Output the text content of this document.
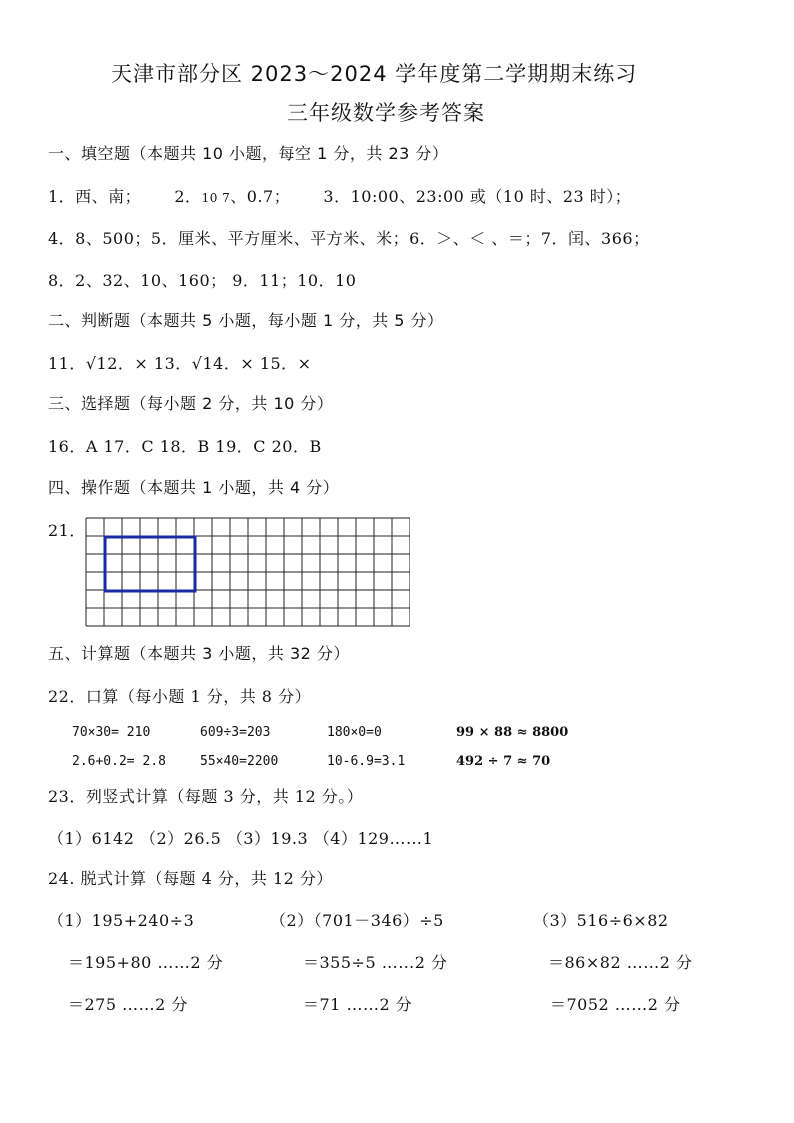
天津市部分区 2023～2024 学年度第二学期期末练习
三年级数学参考答案
一、填空题（本题共 10 小题，每空 1 分，共 23 分）
1．西、南； 2．10 7、0.7； 3．10:00、23:00 或（10 时、23 时）；
4．8、500；5．厘米、平方厘米、平方米、米；6．＞、＜ 、＝；7．闰、366；
8．2、32、10、160； 9．11；10．10
二、判断题（本题共 5 小题，每小题 1 分，共 5 分）
11．√12．× 13．√14．× 15．×
三、选择题（每小题 2 分，共 10 分）
16．A 17．C 18．B 19．C 20．B
四、操作题（本题共 1 小题，共 4 分）
21．
五、计算题（本题共 3 小题，共 32 分）
22．口算（每小题 1 分，共 8 分）
70×30= 210	609÷3=203	180×0=0	99 × 88 ≈ 8800
2.6+0.2= 2.8	55×40=2200	10-6.9=3.1	492 ÷ 7 ≈ 70
23．列竖式计算（每题 3 分，共 12 分。）
（1）6142 （2）26.5 （3）19.3 （4）129……1
24. 脱式计算（每题 4 分，共 12 分）
（1）195+240÷3
＝195+80 ……2 分
＝275 ……2 分
（2）（701－346）÷5
＝355÷5 ……2 分
＝71 ……2 分
（3）516÷6×82
＝86×82 ……2 分
＝7052 ……2 分
